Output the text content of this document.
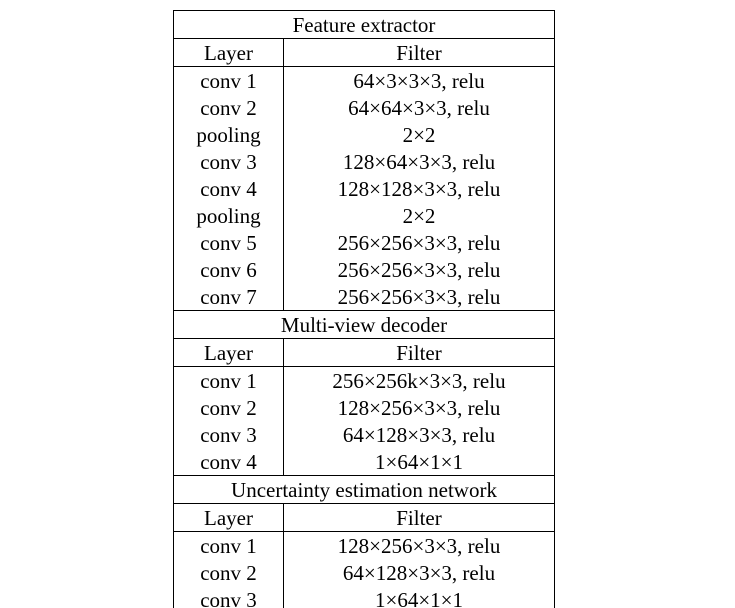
Feature extractor	
Layer	Filter
conv 1	64×3×3×3, relu
conv 2	64×64×3×3, relu
pooling	2×2
conv 3	128×64×3×3, relu
conv 4	128×128×3×3, relu
pooling	2×2
conv 5	256×256×3×3, relu
conv 6	256×256×3×3, relu
conv 7	256×256×3×3, relu
Multi-view decoder	
Layer	Filter
conv 1	256×256k×3×3, relu
conv 2	128×256×3×3, relu
conv 3	64×128×3×3, relu
conv 4	1×64×1×1
Uncertainty estimation network	
Layer	Filter
conv 1	128×256×3×3, relu
conv 2	64×128×3×3, relu
conv 3	1×64×1×1
